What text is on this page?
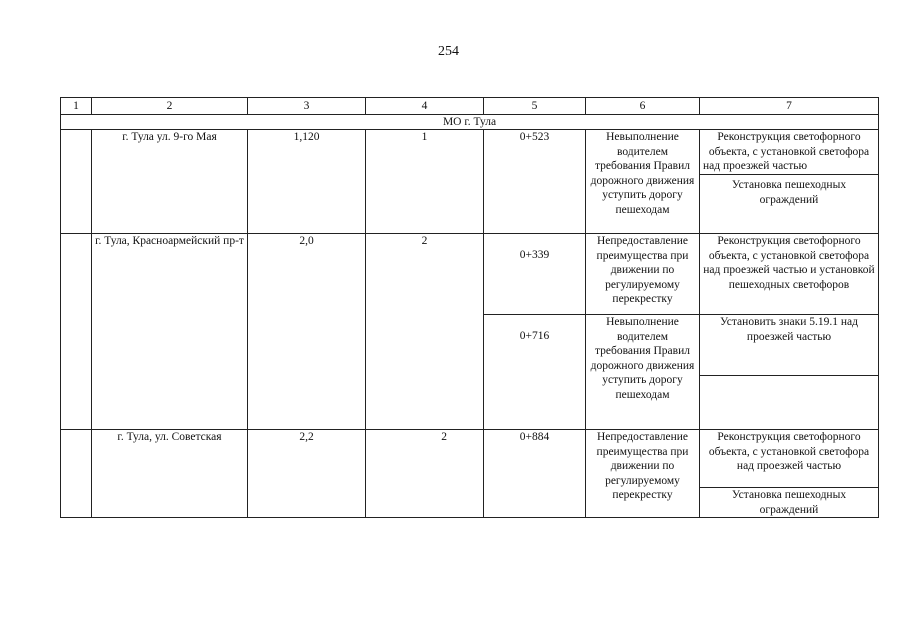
254
1	2	3	4	5	6	7
МО г. Тула						
	г. Тула ул. 9-го Мая	1,120	1	0+523	Невыполнение водителем требования Правил дорожного движения уступить дорогу пешеходам	Реконструкция светофорного объекта, с установкой светофора над проезжей частью
						Установка пешеходных ограждений
	г. Тула, Красноармейский пр-т	2,0	2	0+339	Непредоставление преимущества при движении по регулируемому перекрестку	Реконструкция светофорного объекта, с установкой светофора над проезжей частью и установкой пешеходных светофоров
				0+716	Невыполнение водителем требования Правил дорожного движения уступить дорогу пешеходам	Установить знаки 5.19.1 над проезжей частью

	г. Тула, ул. Советская	2,2	2	0+884	Непредоставление преимущества при движении по регулируемому перекрестку	Реконструкция светофорного объекта, с установкой светофора над проезжей частью
						Установка пешеходных ограждений
